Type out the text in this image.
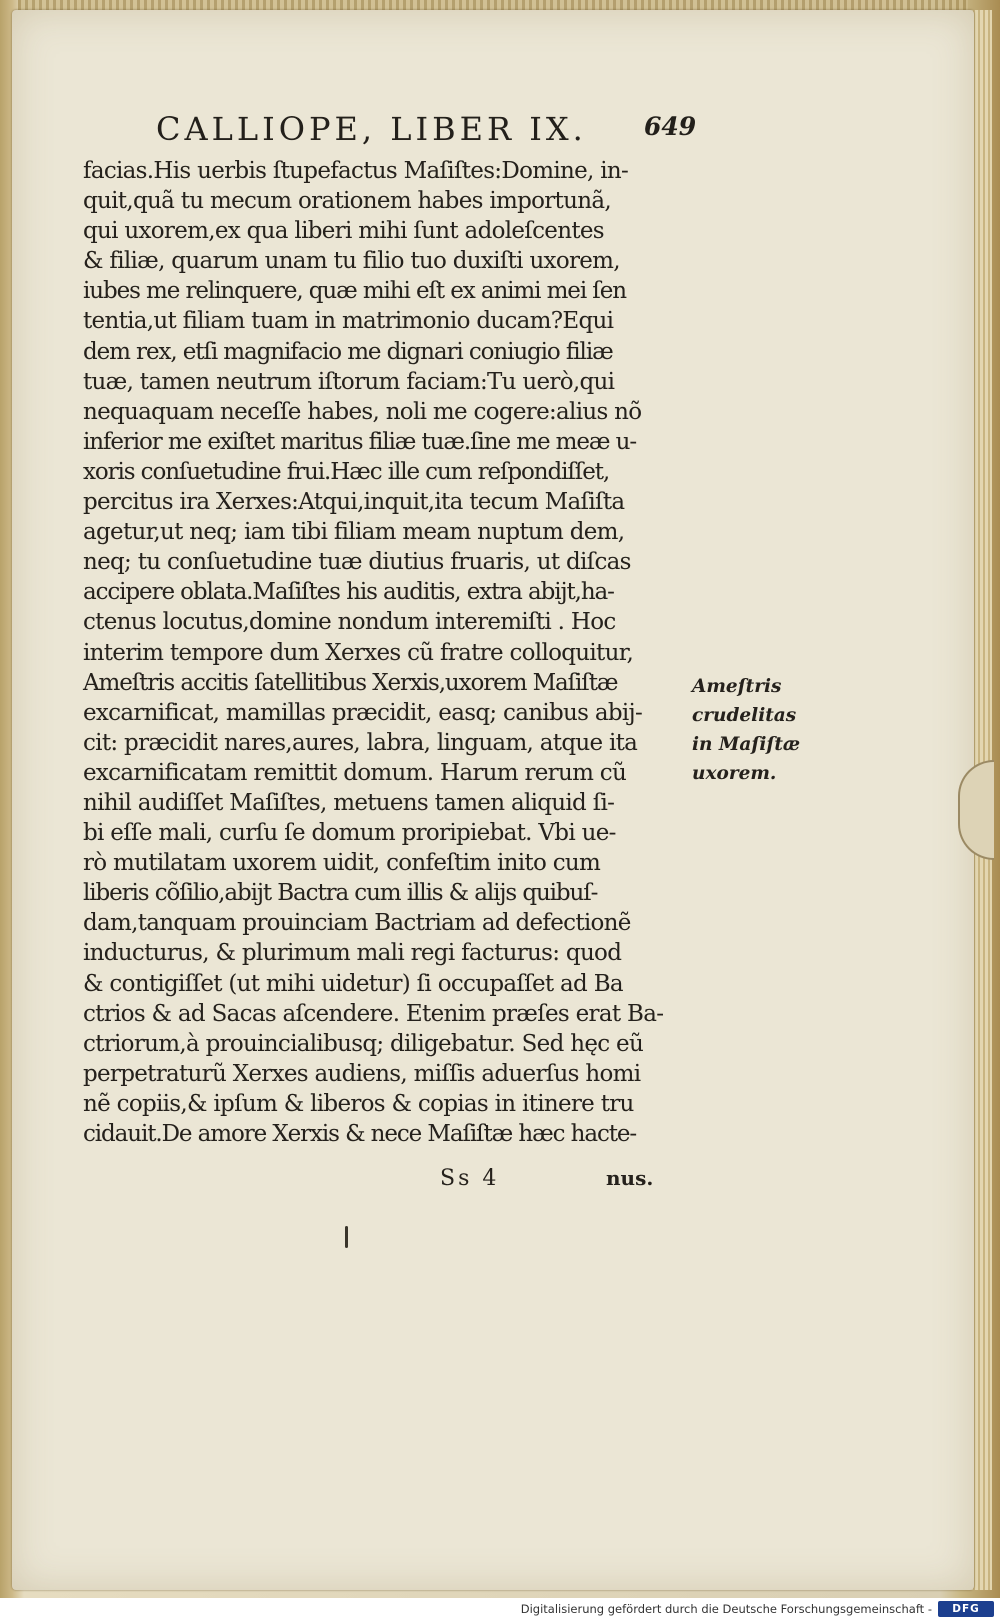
CALLIOPE, LIBER IX. 649
facias.His uerbis ſtupefactus Maſiſtes:Domine, in-
quit,quã tu mecum orationem habes importunã,
qui uxorem,ex qua liberi mihi ſunt adoleſcentes
& filiæ, quarum unam tu filio tuo duxiſti uxorem,
iubes me relinquere, quæ mihi eſt ex animi mei ſen
tentia,ut filiam tuam in matrimonio ducam?Equi
dem rex, etſi magnifacio me dignari coniugio filiæ
tuæ, tamen neutrum iſtorum faciam:Tu uerò,qui
nequaquam neceſſe habes, noli me cogere:alius nõ
inferior me exiſtet maritus filiæ tuæ.ſine me meæ u-
xoris conſuetudine frui.Hæc ille cum reſpondiſſet,
percitus ira Xerxes:Atqui,inquit,ita tecum Maſiſta
agetur,ut neq; iam tibi filiam meam nuptum dem,
neq; tu conſuetudine tuæ diutius fruaris, ut diſcas
accipere oblata.Maſiſtes his auditis, extra abijt,ha-
ctenus locutus,domine nondum interemiſti . Hoc
interim tempore dum Xerxes cũ fratre colloquitur,
Ameſtris accitis ſatellitibus Xerxis,uxorem Maſiſtæ
excarnificat, mamillas præcidit, easq; canibus abij-
cit: præcidit nares,aures, labra, linguam, atque ita
excarnificatam remittit domum. Harum rerum cũ
nihil audiſſet Maſiſtes, metuens tamen aliquid ſi-
bi eſſe mali, curſu ſe domum proripiebat. Vbi ue-
rò mutilatam uxorem uidit, confeſtim inito cum
liberis cõſilio,abijt Bactra cum illis & alijs quibuſ-
dam,tanquam prouinciam Bactriam ad defectionẽ
inducturus, & plurimum mali regi facturus: quod
& contigiſſet (ut mihi uidetur) ſi occupaſſet ad Ba
ctrios & ad Sacas aſcendere. Etenim præſes erat Ba-
ctriorum,à prouincialibusq; diligebatur. Sed hęc eũ
perpetraturũ Xerxes audiens, miſſis aduerſus homi
nẽ copiis,& ipſum & liberos & copias in itinere tru
cidauit.De amore Xerxis & nece Maſiſtæ hæc hacte-
Ameſtris
crudelitas
in Maſiſtæ
uxorem.
Ss 4	nus.
Digitalisierung gefördert durch die Deutsche Forschungsgemeinschaft -	DFG
